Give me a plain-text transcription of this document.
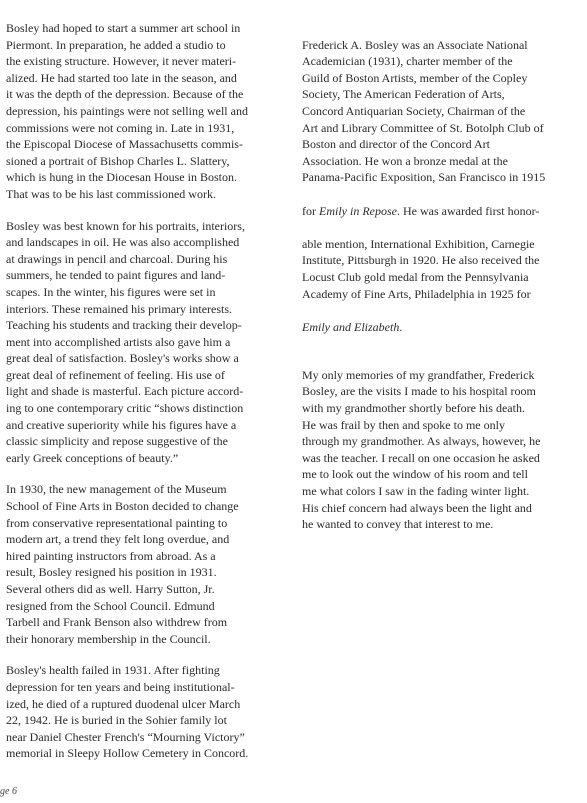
Bosley had hoped to start a summer art school in
Piermont. In preparation, he added a studio to
the existing structure. However, it never materi-
alized. He had started too late in the season, and
it was the depth of the depression. Because of the
depression, his paintings were not selling well and
commissions were not coming in. Late in 1931,
the Episcopal Diocese of Massachusetts commis-
sioned a portrait of Bishop Charles L. Slattery,
which is hung in the Diocesan House in Boston.
That was to be his last commissioned work.

Bosley was best known for his portraits, interiors,
and landscapes in oil. He was also accomplished
at drawings in pencil and charcoal. During his
summers, he tended to paint figures and land-
scapes. In the winter, his figures were set in
interiors. These remained his primary interests.
Teaching his students and tracking their develop-
ment into accomplished artists also gave him a
great deal of satisfaction. Bosley's works show a
great deal of refinement of feeling. His use of
light and shade is masterful. Each picture accord-
ing to one contemporary critic “shows distinction
and creative superiority while his figures have a
classic simplicity and repose suggestive of the
early Greek conceptions of beauty.”

In 1930, the new management of the Museum
School of Fine Arts in Boston decided to change
from conservative representational painting to
modern art, a trend they felt long overdue, and
hired painting instructors from abroad. As a
result, Bosley resigned his position in 1931.
Several others did as well. Harry Sutton, Jr.
resigned from the School Council. Edmund
Tarbell and Frank Benson also withdrew from
their honorary membership in the Council.

Bosley's health failed in 1931. After fighting
depression for ten years and being institutional-
ized, he died of a ruptured duodenal ulcer March
22, 1942. He is buried in the Sohier family lot
near Daniel Chester French's “Mourning Victory”
memorial in Sleepy Hollow Cemetery in Concord.

Frederick A. Bosley was an Associate National
Academician (1931), charter member of the
Guild of Boston Artists, member of the Copley
Society, The American Federation of Arts,
Concord Antiquarian Society, Chairman of the
Art and Library Committee of St. Botolph Club of
Boston and director of the Concord Art
Association. He won a bronze medal at the
Panama-Pacific Exposition, San Francisco in 1915

for Emily in Repose. He was awarded first honor-

able mention, International Exhibition, Carnegie
Institute, Pittsburgh in 1920. He also received the
Locust Club gold medal from the Pennsylvania
Academy of Fine Arts, Philadelphia in 1925 for

Emily and Elizabeth.

My only memories of my grandfather, Frederick
Bosley, are the visits I made to his hospital room
with my grandmother shortly before his death.
He was frail by then and spoke to me only
through my grandmother. As always, however, he
was the teacher. I recall on one occasion he asked
me to look out the window of his room and tell
me what colors I saw in the fading winter light.
His chief concern had always been the light and
he wanted to convey that interest to me.

ge 6
